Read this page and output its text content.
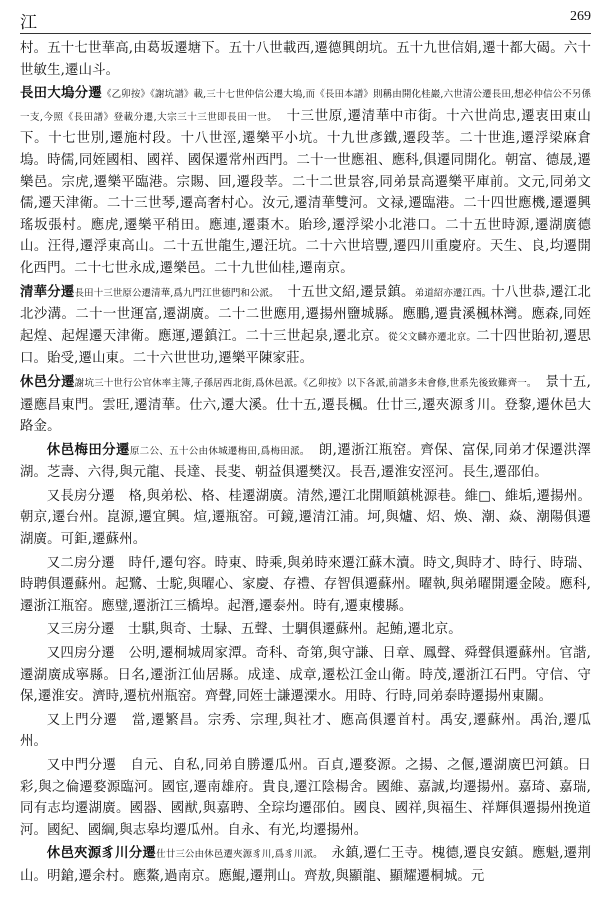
江	269

村。五十七世華高,由葛坂遷塘下。五十八世載西,遷德興朗坑。五十九世信娟,遷十都大碣。六十世敏生,遷山斗。

長田大塢分遷《乙卯按》《謝坑譜》載,三十七世仲信公遷大塢,而《長田本譜》則稱由開化桂巖,六世清公遷長田,想必仲信公不另係一支,今照《長田譜》登載分遷,大宗三十三世即長田一世。　十三世原,遷清華中市街。十六世尚忠,遷衷田東山下。十七世別,遷施村段。十八世涇,遷樂平小坑。十九世彥鐵,遷段莘。二十世進,遷浮梁麻倉塢。時儒,同姪國相、國祥、國保遷常州西門。二十一世應祖、應科,俱遷同開化。朝富、德晟,遷樂邑。宗虎,遷樂平臨港。宗賜、回,遷段莘。二十二世景容,同弟景高遷樂平庫前。文元,同弟文儒,遷天津衛。二十三世琴,遷高奢村心。汝元,遷清華雙河。文禄,遷臨港。二十四世應機,遷遷興瑤坂張村。應虎,遷樂平稍田。應連,遷棗木。貽珍,遷浮梁小北港口。二十五世時源,遷湖廣德山。汪得,遷浮東高山。二十五世龍生,遷汪坑。二十六世培豐,遷四川重慶府。天生、良,均遷開化西門。二十七世永成,遷樂邑。二十九世仙桂,遷南京。

清華分遷長田十三世原公遷清華,爲九門江世德門和公派。　十五世文紹,遷景鎮。弟道紹亦遷江西。十八世恭,遷江北北沙溝。二十一世運富,遷湖廣。二十二世應用,遷揚州鹽城縣。應鵬,遷貴溪楓林灣。應森,同姪起煌、起煋遷天津衛。應運,遷鎮江。二十三世起泉,遷北京。從父文麟亦遷北京。二十四世貽初,遷思口。貽受,遷山東。二十六世世功,遷樂平陳家莊。

休邑分遷謝坑三十世行公官休率主簿,子孫居西北街,爲休邑派。《乙卯按》以下各派,前譜多未會修,世系先後致難齊一。　景十五,遷應昌東門。雲旺,遷清華。仕六,遷大溪。仕十五,遷長楓。仕廿三,遷夾源豸川。登黎,遷休邑大路金。

休邑梅田分遷原二公、五十公由休城遷梅田,爲梅田派。　朗,遷浙江瓶窑。齊保、富保,同弟才保遷洪澤湖。芝壽、六得,與元龍、長達、長斐、朝益俱遷樊汉。長吾,遷淮安涇河。長生,遷邵伯。

又長房分遷　格,與弟松、格、桂遷湖廣。清然,遷江北開順鎮桃源巷。維□、維垢,遷揚州。朝京,遷台州。崑源,遷宜興。煊,遷瓶窑。可鏡,遷清江浦。坷,與爐、炤、焕、潮、焱、潮陽俱遷湖廣。可鉅,遷蘇州。

又二房分遷　時仟,遷句容。時東、時乘,與弟時來遷江蘇木瀆。時文,與時才、時行、時瑞、時聘俱遷蘇州。起鷺、士駝,與曜心、家慶、存禮、存智俱遷蘇州。曜執,與弟曜開遷金陵。應科,遷浙江瓶窑。應璧,遷浙江三橋埠。起潛,遷泰州。時有,遷東樓縣。

又三房分遷　士騏,與奇、士騄、五聲、士騆俱遷蘇州。起鮪,遷北京。

又四房分遷　公明,遷桐城周家潭。奇科、奇第,與守謙、日章、鳳聲、舜聲俱遷蘇州。官諧,遷湖廣成寧縣。日名,遷浙江仙居縣。成達、成章,遷松江金山衛。時茂,遷浙江石門。守信、守保,遷淮安。濟時,遷杭州瓶窑。齊聲,同姪士謙遷溧水。用時、行時,同弟泰時遷揚州東關。

又上門分遷　當,遷繁昌。宗秀、宗理,與社才、應高俱遷首村。禹安,遷蘇州。禹治,遷瓜州。

又中門分遷　自元、自私,同弟自勝遷瓜州。百貞,遷婺源。之揚、之偃,遷湖廣巴河鎮。日彩,與之倫遷婺源臨河。國宦,遷南雄府。貴良,遷江陰楊舍。國維、嘉誠,均遷揚州。嘉琦、嘉瑞,同有志均遷湖廣。國器、國猷,與嘉聘、全琮均遷邵伯。國良、國祥,與福生、祥輝俱遷揚州挽道河。國紀、國綱,與志皋均遷瓜州。自永、有光,均遷揚州。

休邑夾源豸川分遷仕廿三公由休邑遷夾源豸川,爲豸川派。　永鎮,遷仁王寺。槐德,遷良安鎮。應魁,遷荆山。明鎗,遷余村。應鰲,過南京。應鯤,遷荆山。齊敖,與顯龍、顯耀遷桐城。元
